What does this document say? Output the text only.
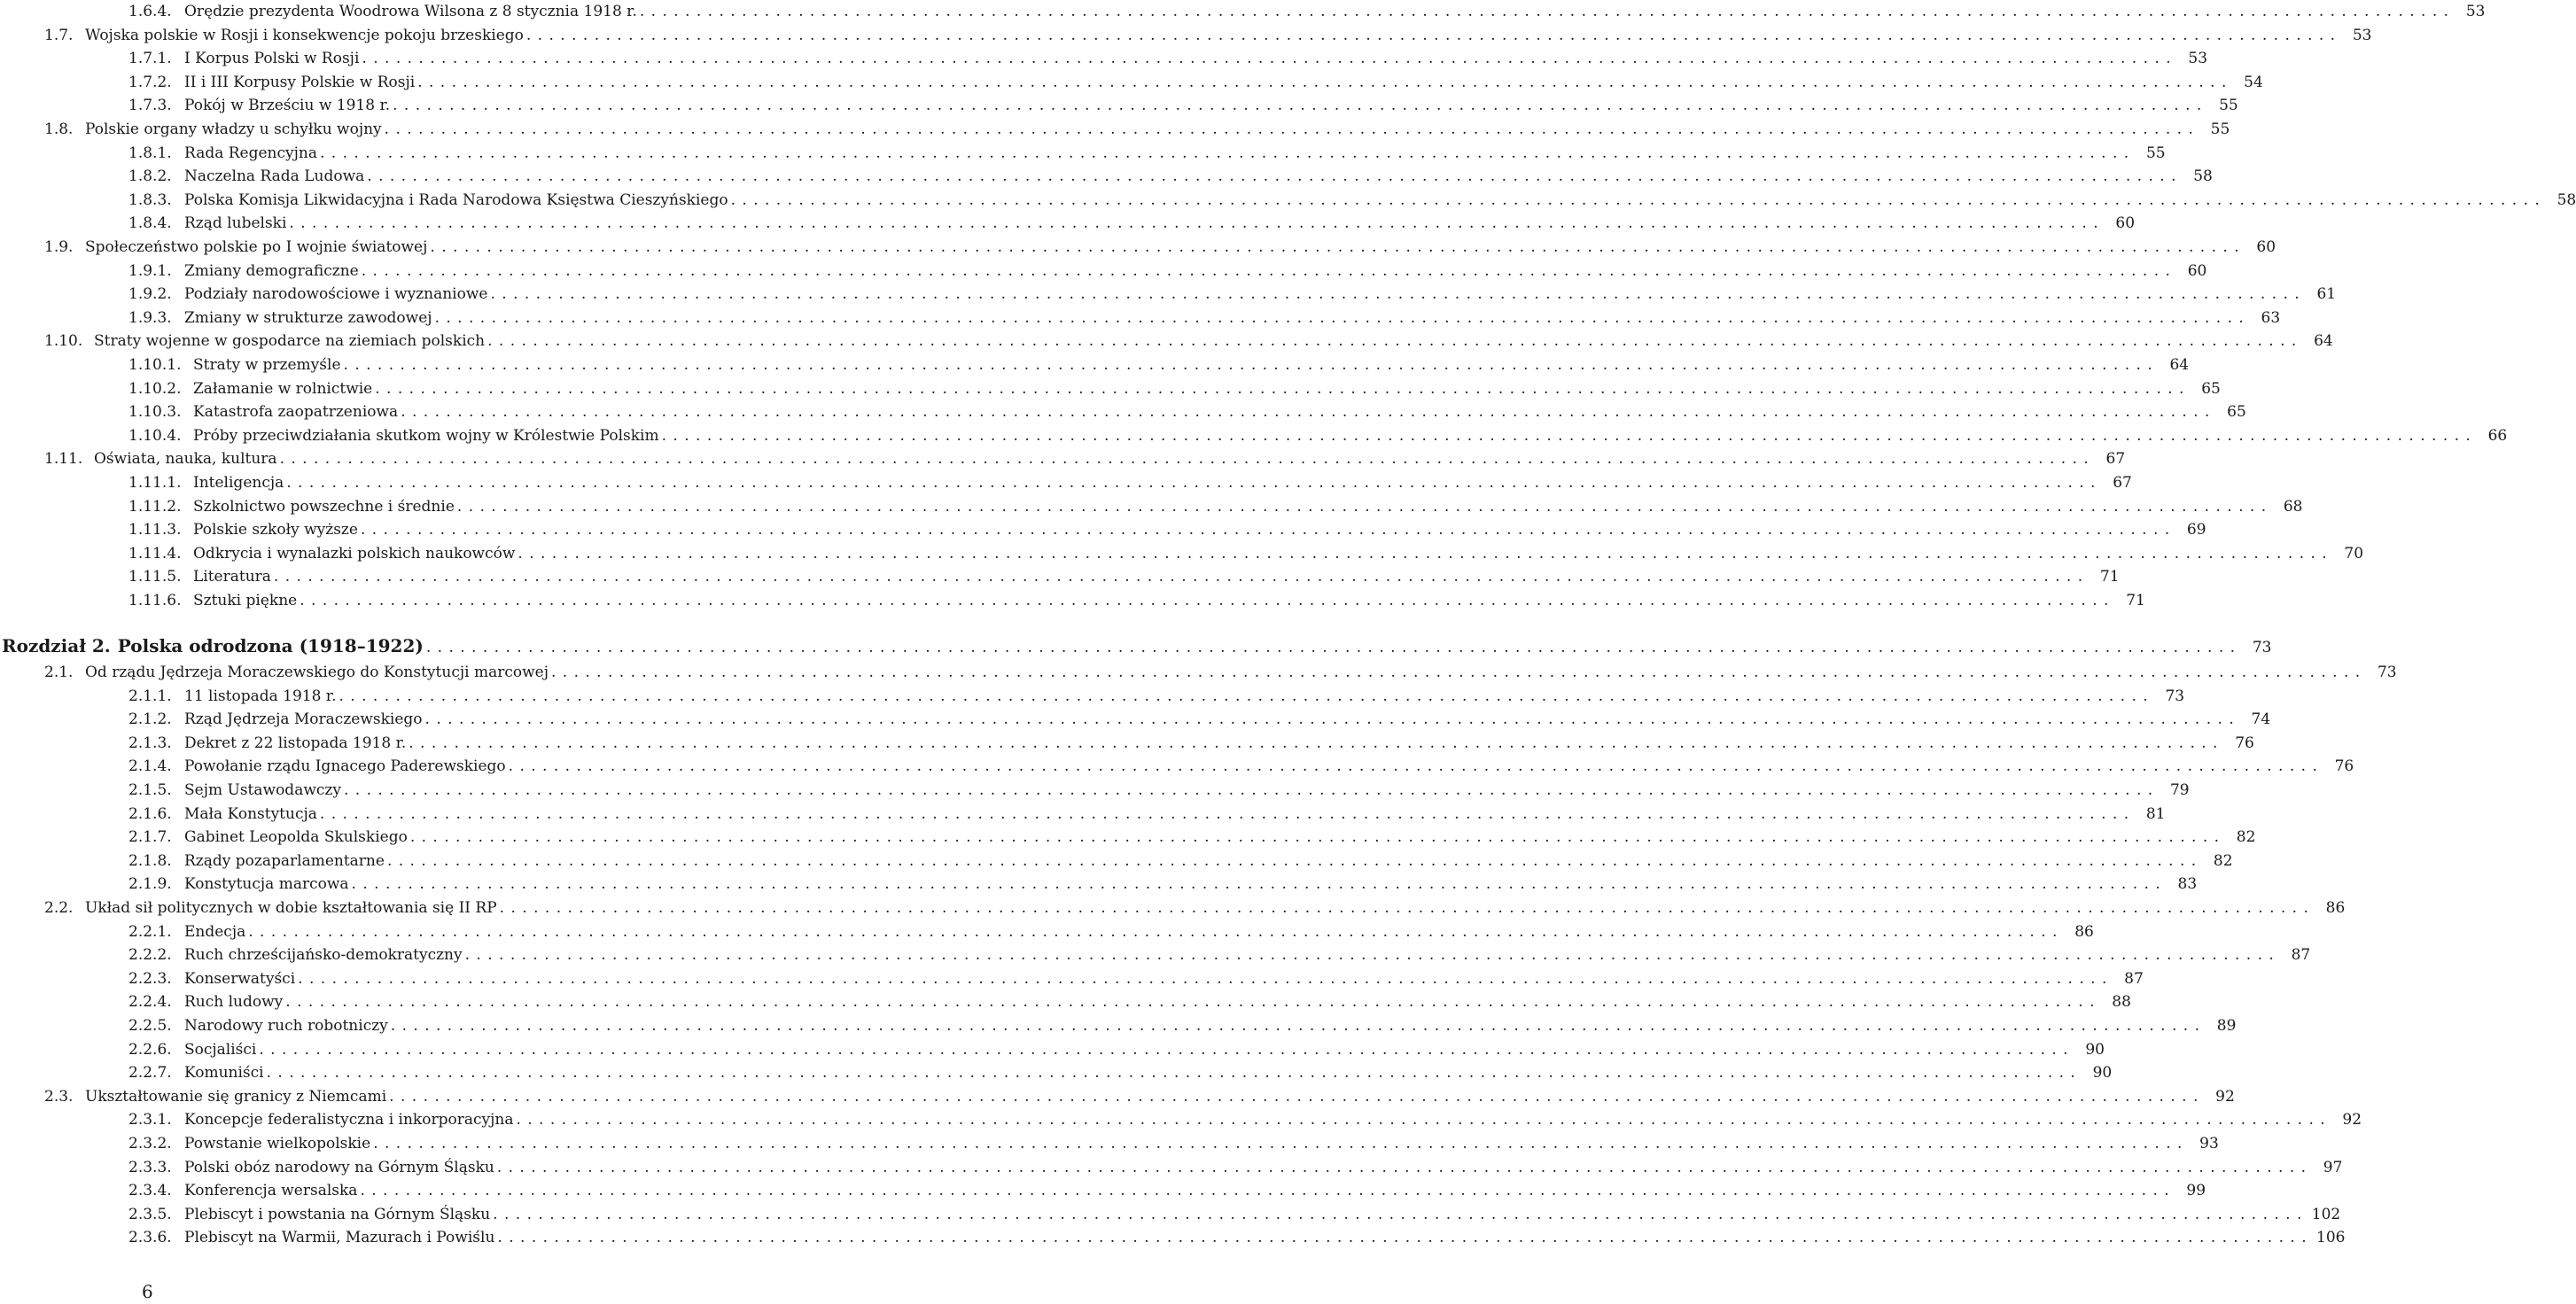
1.6.4. Orędzie prezydenta Woodrowa Wilsona z 8 stycznia 1918 r. ................................................................................................................................................................ 53
1.7. Wojska polskie w Rosji i konsekwencje pokoju brzeskiego ................................................................................................................................................................ 53
1.7.1. I Korpus Polski w Rosji ................................................................................................................................................................ 53
1.7.2. II i III Korpusy Polskie w Rosji ................................................................................................................................................................ 54
1.7.3. Pokój w Brześciu w 1918 r. ................................................................................................................................................................ 55
1.8. Polskie organy władzy u schyłku wojny ................................................................................................................................................................ 55
1.8.1. Rada Regencyjna ................................................................................................................................................................ 55
1.8.2. Naczelna Rada Ludowa ................................................................................................................................................................ 58
1.8.3. Polska Komisja Likwidacyjna i Rada Narodowa Księstwa Cieszyńskiego ................................................................................................................................................................ 58
1.8.4. Rząd lubelski ................................................................................................................................................................ 60
1.9. Społeczeństwo polskie po I wojnie światowej ................................................................................................................................................................ 60
1.9.1. Zmiany demograficzne ................................................................................................................................................................ 60
1.9.2. Podziały narodowościowe i wyznaniowe ................................................................................................................................................................ 61
1.9.3. Zmiany w strukturze zawodowej ................................................................................................................................................................ 63
1.10. Straty wojenne w gospodarce na ziemiach polskich ................................................................................................................................................................ 64
1.10.1. Straty w przemyśle ................................................................................................................................................................ 64
1.10.2. Załamanie w rolnictwie ................................................................................................................................................................ 65
1.10.3. Katastrofa zaopatrzeniowa ................................................................................................................................................................ 65
1.10.4. Próby przeciwdziałania skutkom wojny w Królestwie Polskim ................................................................................................................................................................ 66
1.11. Oświata, nauka, kultura ................................................................................................................................................................ 67
1.11.1. Inteligencja ................................................................................................................................................................ 67
1.11.2. Szkolnictwo powszechne i średnie ................................................................................................................................................................ 68
1.11.3. Polskie szkoły wyższe ................................................................................................................................................................ 69
1.11.4. Odkrycia i wynalazki polskich naukowców ................................................................................................................................................................ 70
1.11.5. Literatura ................................................................................................................................................................ 71
1.11.6. Sztuki piękne ................................................................................................................................................................ 71
Rozdział 2. Polska odrodzona (1918–1922) ................................................................................................................................................................ 73
2.1. Od rządu Jędrzeja Moraczewskiego do Konstytucji marcowej ................................................................................................................................................................ 73
2.1.1. 11 listopada 1918 r. ................................................................................................................................................................ 73
2.1.2. Rząd Jędrzeja Moraczewskiego ................................................................................................................................................................ 74
2.1.3. Dekret z 22 listopada 1918 r. ................................................................................................................................................................ 76
2.1.4. Powołanie rządu Ignacego Paderewskiego ................................................................................................................................................................ 76
2.1.5. Sejm Ustawodawczy ................................................................................................................................................................ 79
2.1.6. Mała Konstytucja ................................................................................................................................................................ 81
2.1.7. Gabinet Leopolda Skulskiego ................................................................................................................................................................ 82
2.1.8. Rządy pozaparlamentarne ................................................................................................................................................................ 82
2.1.9. Konstytucja marcowa ................................................................................................................................................................ 83
2.2. Układ sił politycznych w dobie kształtowania się II RP ................................................................................................................................................................ 86
2.2.1. Endecja ................................................................................................................................................................ 86
2.2.2. Ruch chrześcijańsko-demokratyczny ................................................................................................................................................................ 87
2.2.3. Konserwatyści ................................................................................................................................................................ 87
2.2.4. Ruch ludowy ................................................................................................................................................................ 88
2.2.5. Narodowy ruch robotniczy ................................................................................................................................................................ 89
2.2.6. Socjaliści ................................................................................................................................................................ 90
2.2.7. Komuniści ................................................................................................................................................................ 90
2.3. Ukształtowanie się granicy z Niemcami ................................................................................................................................................................ 92
2.3.1. Koncepcje federalistyczna i inkorporacyjna ................................................................................................................................................................ 92
2.3.2. Powstanie wielkopolskie ................................................................................................................................................................ 93
2.3.3. Polski obóz narodowy na Górnym Śląsku ................................................................................................................................................................ 97
2.3.4. Konferencja wersalska ................................................................................................................................................................ 99
2.3.5. Plebiscyt i powstania na Górnym Śląsku ................................................................................................................................................................ 102
2.3.6. Plebiscyt na Warmii, Mazurach i Powiślu ................................................................................................................................................................ 106
6
